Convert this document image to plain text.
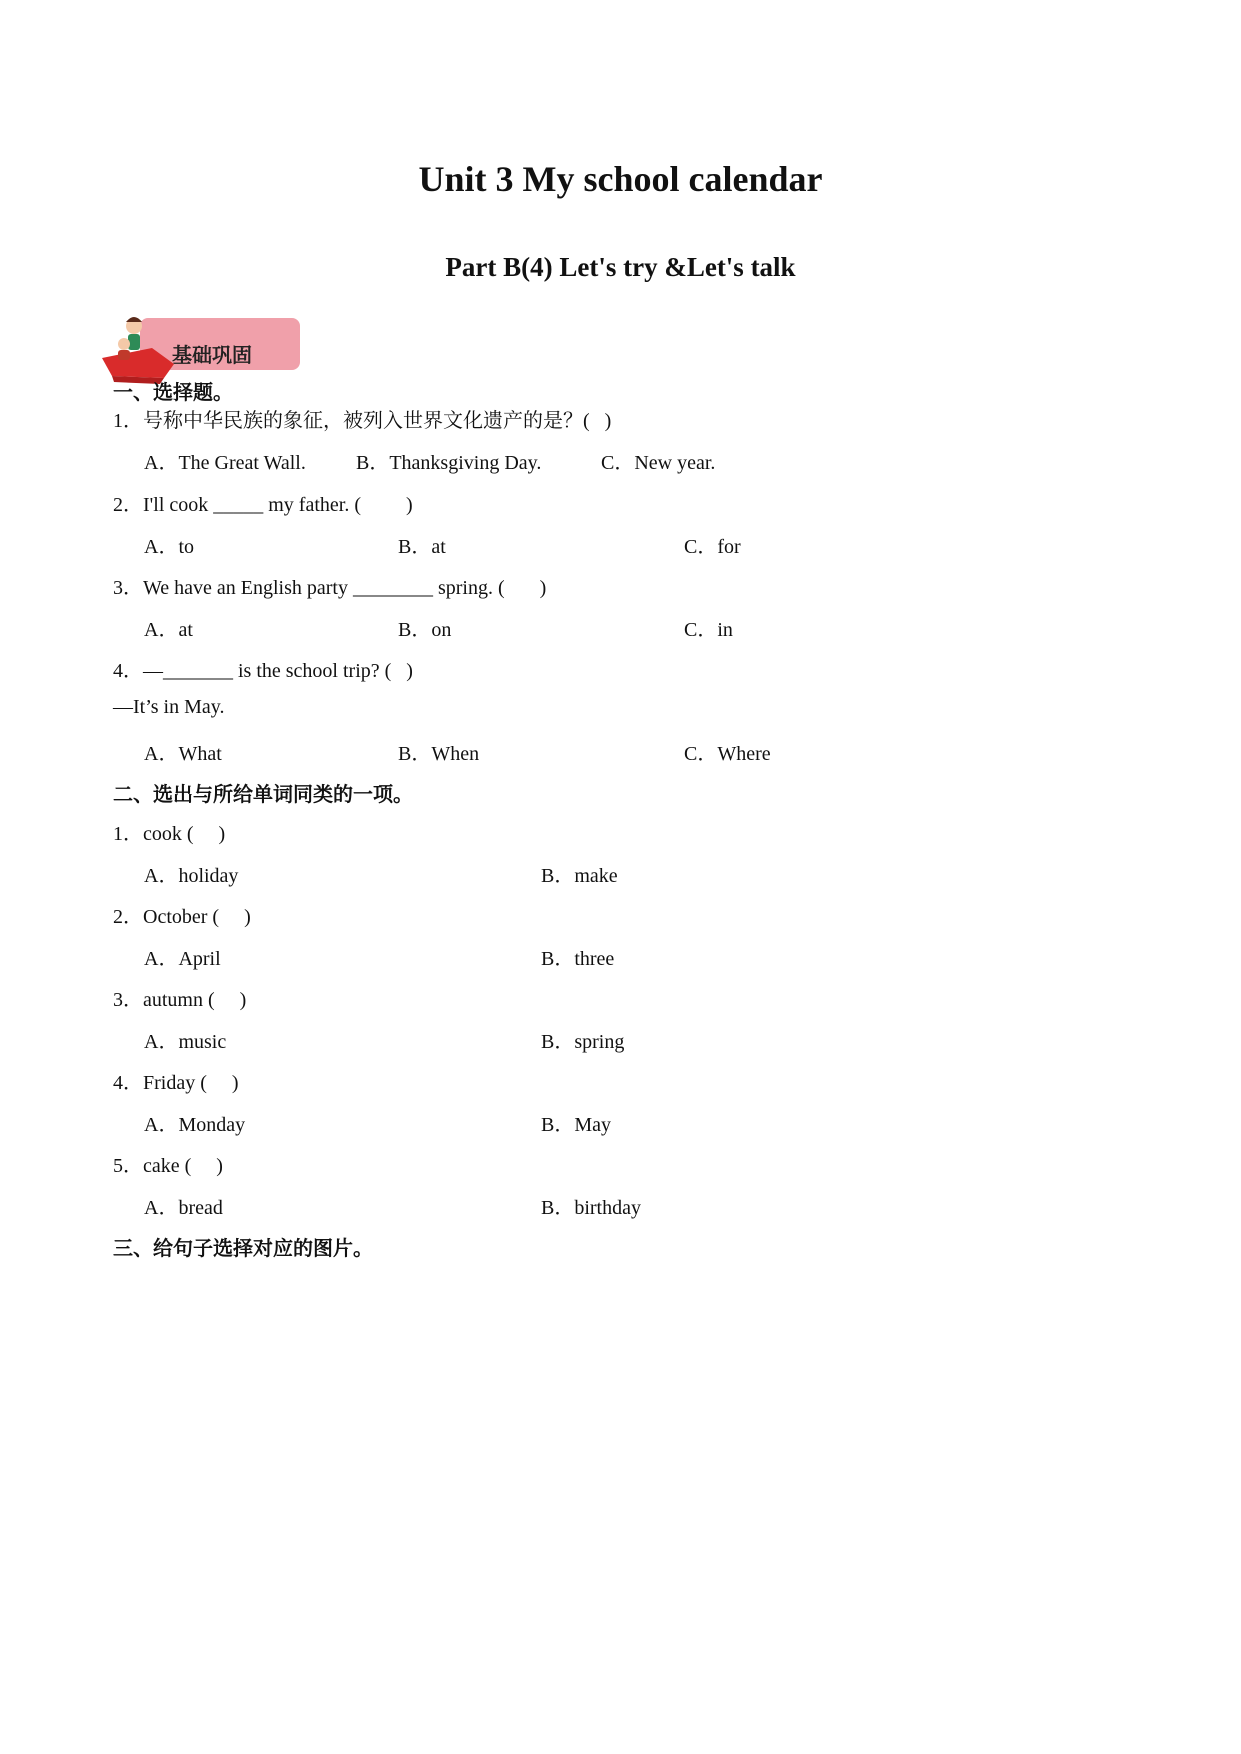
Unit 3 My school calendar
Part B(4) Let's try &Let's talk
基础巩固
一、选择题。
1．号称中华民族的象征，被列入世界文化遗产的是？(   )
A．The Great Wall.	B．Thanksgiving Day.	C．New year.
2．I'll cook _____ my father. (         )
A．to	B．at	C．for
3．We have an English party ________ spring. (       )
A．at	B．on	C．in
4．—_______ is the school trip? (   )
—It’s in May.
A．What	B．When	C．Where
二、选出与所给单词同类的一项。
1．cook (     )
A．holiday	B．make
2．October (     )
A．April	B．three
3．autumn (     )
A．music	B．spring
4．Friday (     )
A．Monday	B．May
5．cake (     )
A．bread	B．birthday
三、给句子选择对应的图片。
